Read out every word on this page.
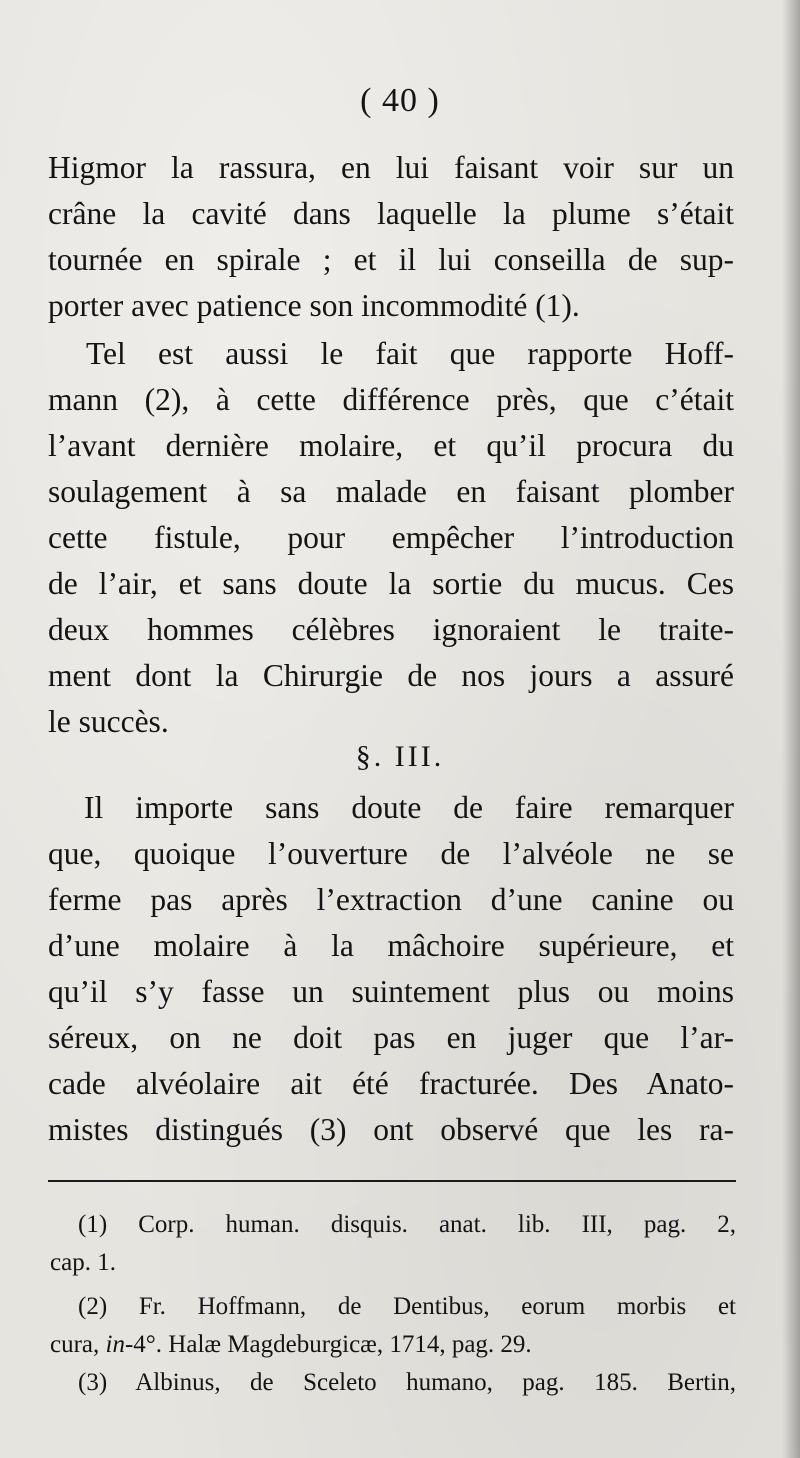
( 40 )
Higmor la rassura, en lui faisant voir sur un
crâne la cavité dans laquelle la plume s’était
tournée en spirale ; et il lui conseilla de sup-
porter avec patience son incommodité (1).
Tel est aussi le fait que rapporte Hoff-
mann (2), à cette différence près, que c’était
l’avant dernière molaire, et qu’il procura du
soulagement à sa malade en faisant plomber
cette fistule, pour empêcher l’introduction
de l’air, et sans doute la sortie du mucus. Ces
deux hommes célèbres ignoraient le traite-
ment dont la Chirurgie de nos jours a assuré
le succès.
§. III.
Il importe sans doute de faire remarquer
que, quoique l’ouverture de l’alvéole ne se
ferme pas après l’extraction d’une canine ou
d’une molaire à la mâchoire supérieure, et
qu’il s’y fasse un suintement plus ou moins
séreux, on ne doit pas en juger que l’ar-
cade alvéolaire ait été fracturée. Des Anato-
mistes distingués (3) ont observé que les ra-
(1) Corp. human. disquis. anat. lib. III, pag. 2,
cap. 1.
(2) Fr. Hoffmann, de Dentibus, eorum morbis et
cura, in-4°. Halæ Magdeburgicæ, 1714, pag. 29.
(3) Albinus, de Sceleto humano, pag. 185. Bertin,
